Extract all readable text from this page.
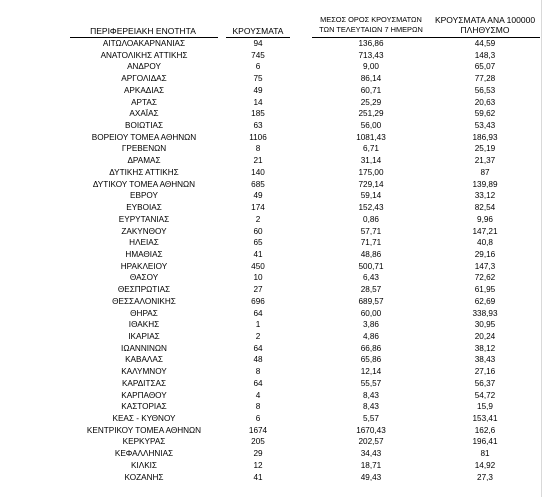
ΠΕΡΙΦΕΡΕΙΑΚΗ ΕΝΟΤΗΤΑ	ΚΡΟΥΣΜΑΤΑ
ΜΕΣΟΣ ΟΡΟΣ ΚΡΟΥΣΜΑΤΩΝ
ΤΩΝ ΤΕΛΕΥΤΑΙΩΝ 7 ΗΜΕΡΩΝ
ΚΡΟΥΣΜΑΤΑ ΑΝΑ 100000
ΠΛΗΘΥΣΜΟ
ΑΙΤΩΛΟΑΚΑΡΝΑΝΙΑΣ	94	136,86	44,59
ΑΝΑΤΟΛΙΚΗΣ ΑΤΤΙΚΗΣ	745	713,43	148,3
ΑΝΔΡΟΥ	6	9,00	65,07
ΑΡΓΟΛΙΔΑΣ	75	86,14	77,28
ΑΡΚΑΔΙΑΣ	49	60,71	56,53
ΑΡΤΑΣ	14	25,29	20,63
ΑΧΑΪΑΣ	185	251,29	59,62
ΒΟΙΩΤΙΑΣ	63	56,00	53,43
ΒΟΡΕΙΟΥ ΤΟΜΕΑ ΑΘΗΝΩΝ	1106	1081,43	186,93
ΓΡΕΒΕΝΩΝ	8	6,71	25,19
ΔΡΑΜΑΣ	21	31,14	21,37
ΔΥΤΙΚΗΣ ΑΤΤΙΚΗΣ	140	175,00	87
ΔΥΤΙΚΟΥ ΤΟΜΕΑ ΑΘΗΝΩΝ	685	729,14	139,89
ΕΒΡΟΥ	49	59,14	33,12
ΕΥΒΟΙΑΣ	174	152,43	82,54
ΕΥΡΥΤΑΝΙΑΣ	2	0,86	9,96
ΖΑΚΥΝΘΟΥ	60	57,71	147,21
ΗΛΕΙΑΣ	65	71,71	40,8
ΗΜΑΘΙΑΣ	41	48,86	29,16
ΗΡΑΚΛΕΙΟΥ	450	500,71	147,3
ΘΑΣΟΥ	10	6,43	72,62
ΘΕΣΠΡΩΤΙΑΣ	27	28,57	61,95
ΘΕΣΣΑΛΟΝΙΚΗΣ	696	689,57	62,69
ΘΗΡΑΣ	64	60,00	338,93
ΙΘΑΚΗΣ	1	3,86	30,95
ΙΚΑΡΙΑΣ	2	4,86	20,24
ΙΩΑΝΝΙΝΩΝ	64	66,86	38,12
ΚΑΒΑΛΑΣ	48	65,86	38,43
ΚΑΛΥΜΝΟΥ	8	12,14	27,16
ΚΑΡΔΙΤΣΑΣ	64	55,57	56,37
ΚΑΡΠΑΘΟΥ	4	8,43	54,72
ΚΑΣΤΟΡΙΑΣ	8	8,43	15,9
ΚΕΑΣ - ΚΥΘΝΟΥ	6	5,57	153,41
ΚΕΝΤΡΙΚΟΥ ΤΟΜΕΑ ΑΘΗΝΩΝ	1674	1670,43	162,6
ΚΕΡΚΥΡΑΣ	205	202,57	196,41
ΚΕΦΑΛΛΗΝΙΑΣ	29	34,43	81
ΚΙΛΚΙΣ	12	18,71	14,92
ΚΟΖΑΝΗΣ	41	49,43	27,3
